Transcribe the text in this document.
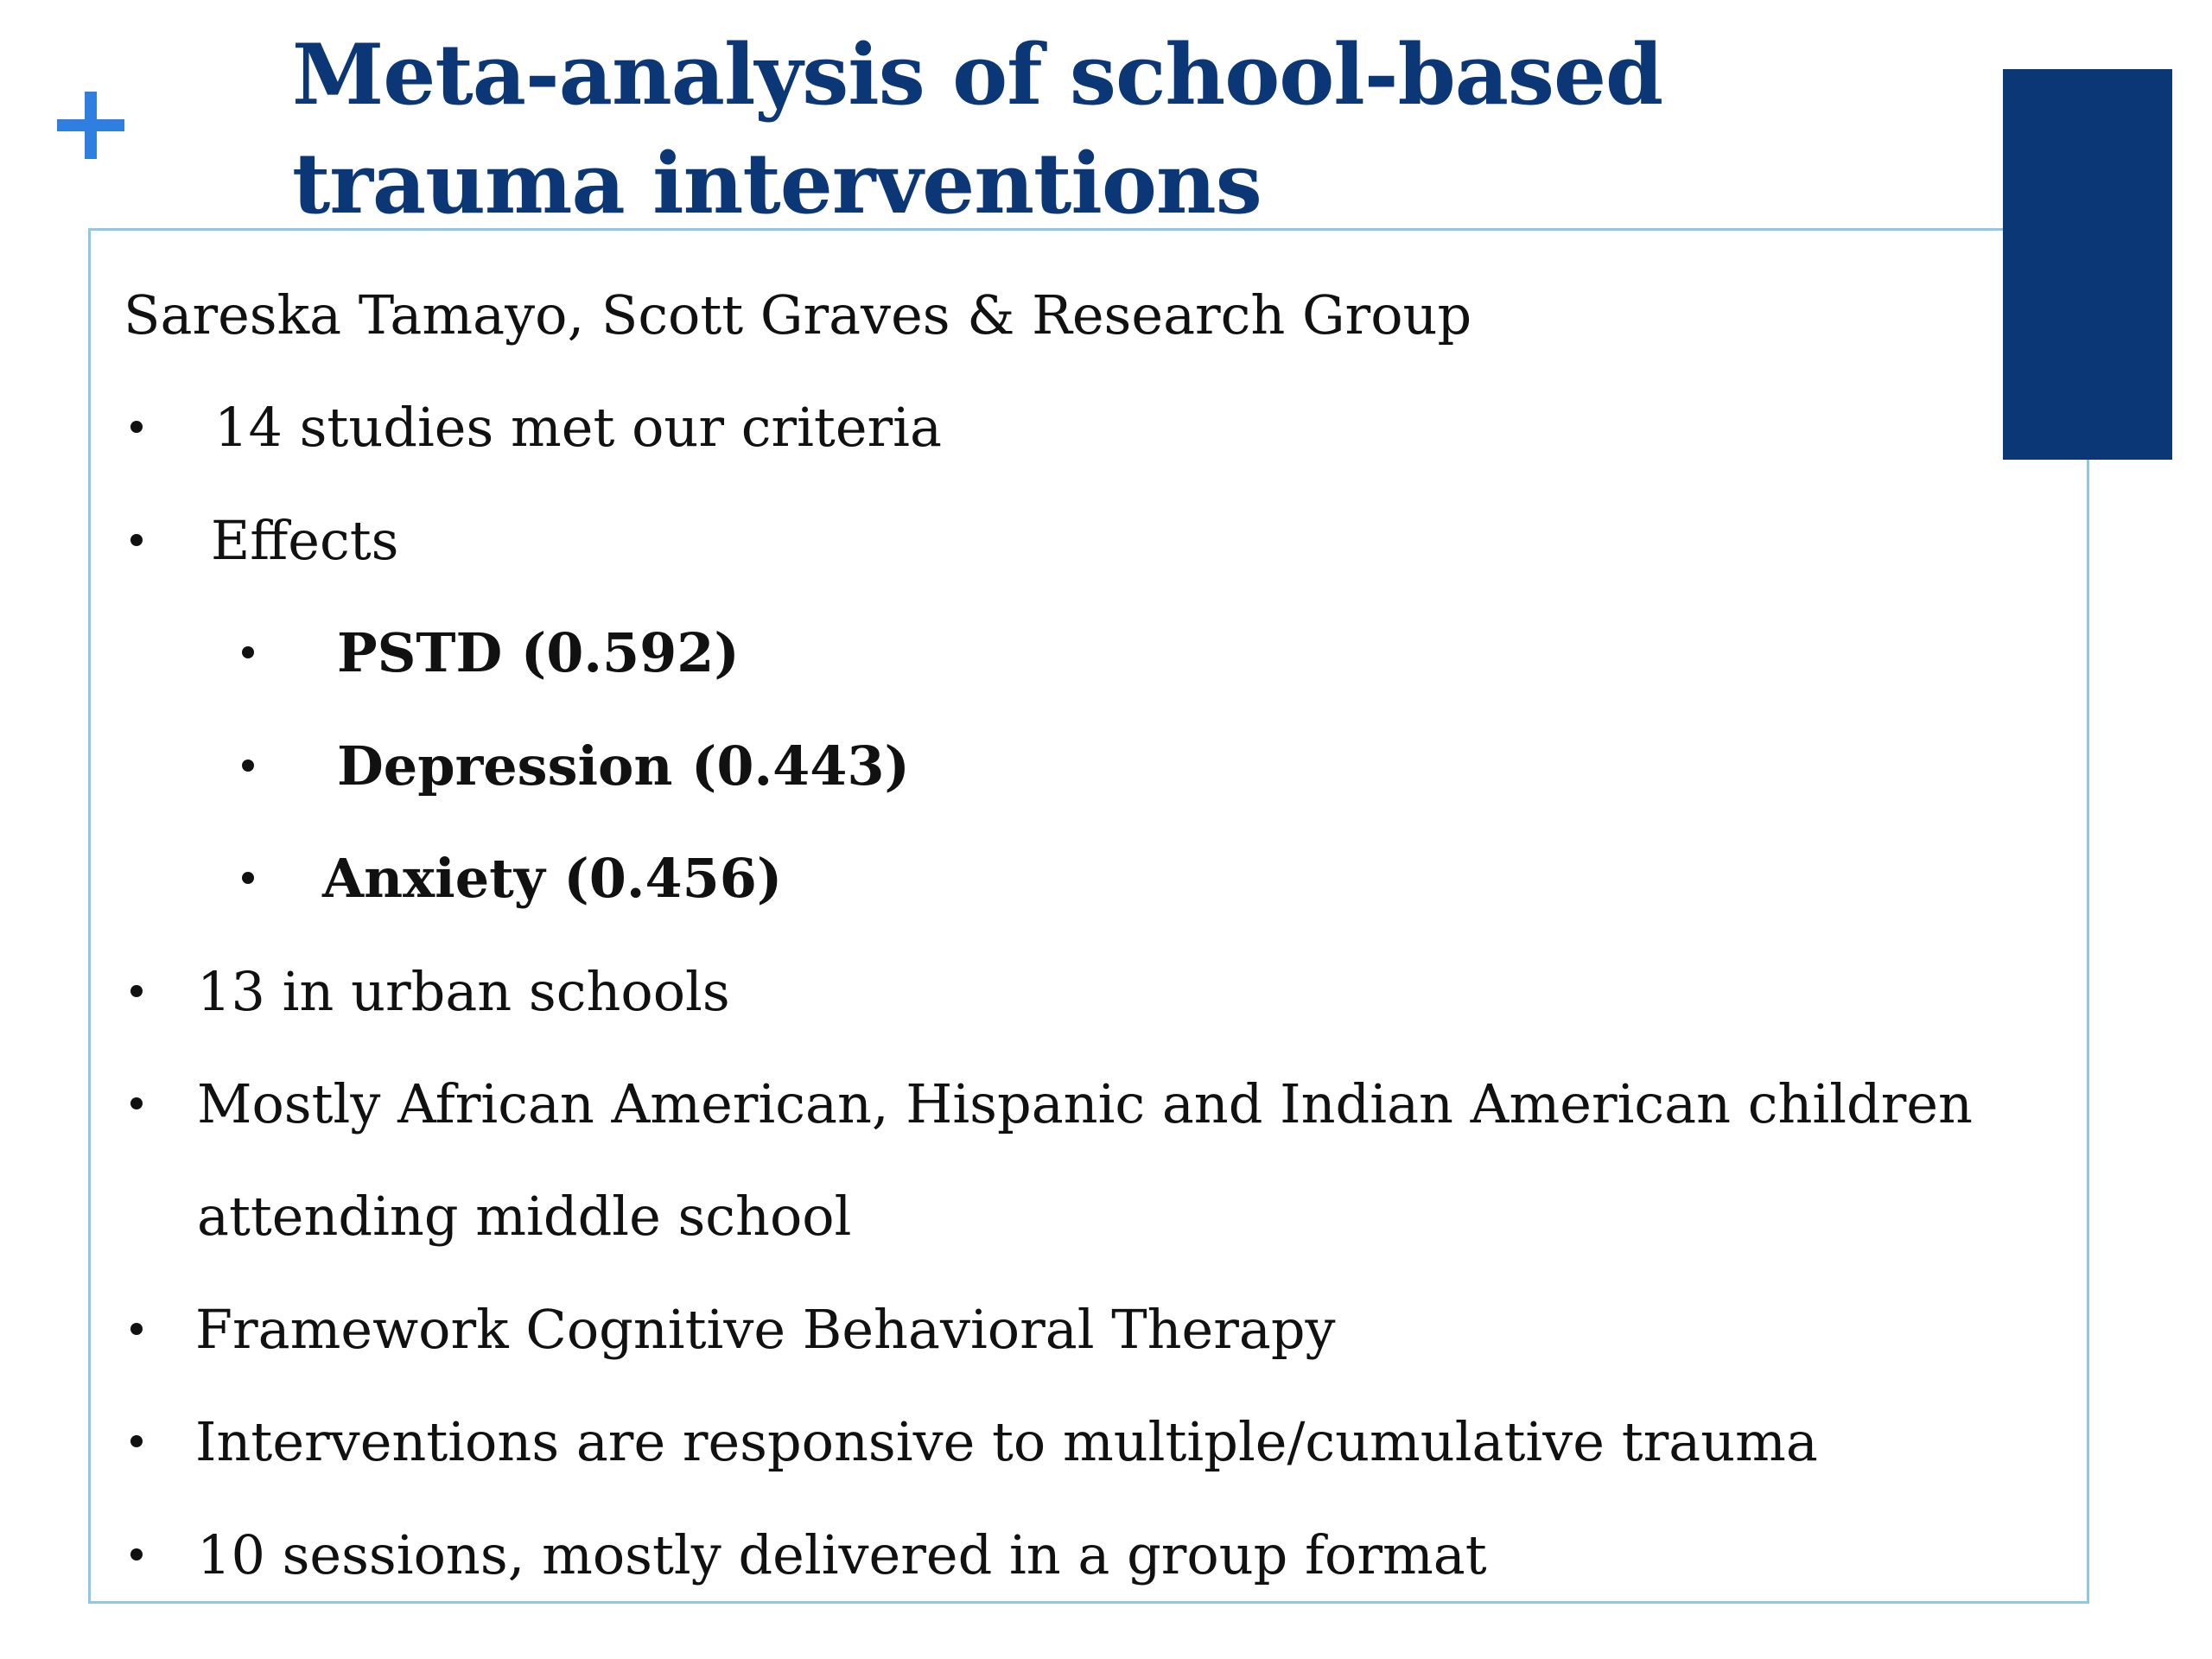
Meta-analysis of school-based trauma interventions
Sareska Tamayo, Scott Graves & Research Group
14 studies met our criteria
Effects
PSTD (0.592)
Depression (0.443)
Anxiety (0.456)
13 in urban schools
Mostly African American, Hispanic and Indian American children
attending middle school
Framework Cognitive Behavioral Therapy
Interventions are responsive to multiple/cumulative trauma
10 sessions, mostly delivered in a group format
